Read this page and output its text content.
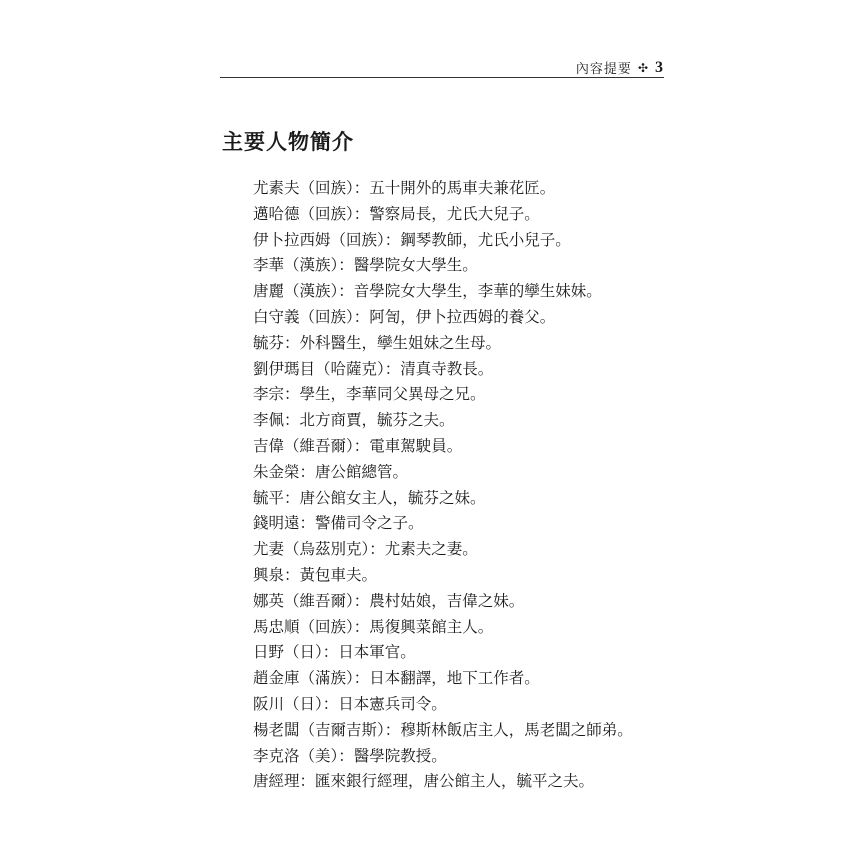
內容提要 ✣ 3
主要人物簡介
尤素夫（回族）：五十開外的馬車夫兼花匠。
邁哈德（回族）：警察局長，尤氏大兒子。
伊卜拉西姆（回族）：鋼琴教師，尤氏小兒子。
李華（漢族）：醫學院女大學生。
唐麗（漢族）：音學院女大學生，李華的孿生妹妹。
白守義（回族）：阿訇，伊卜拉西姆的養父。
毓芬：外科醫生，孿生姐妹之生母。
劉伊瑪目（哈薩克）：清真寺教長。
李宗：學生，李華同父異母之兄。
李佩：北方商賈，毓芬之夫。
吉偉（維吾爾）：電車駕駛員。
朱金榮：唐公館總管。
毓平：唐公館女主人，毓芬之妹。
錢明遠：警備司令之子。
尤妻（烏茲別克）：尤素夫之妻。
興泉：黃包車夫。
娜英（維吾爾）：農村姑娘，吉偉之妹。
馬忠順（回族）：馬復興菜館主人。
日野（日）：日本軍官。
趙金庫（滿族）：日本翻譯，地下工作者。
阪川（日）：日本憲兵司令。
楊老闆（吉爾吉斯）：穆斯林飯店主人，馬老闆之師弟。
李克洛（美）：醫學院教授。
唐經理：匯來銀行經理，唐公館主人，毓平之夫。
